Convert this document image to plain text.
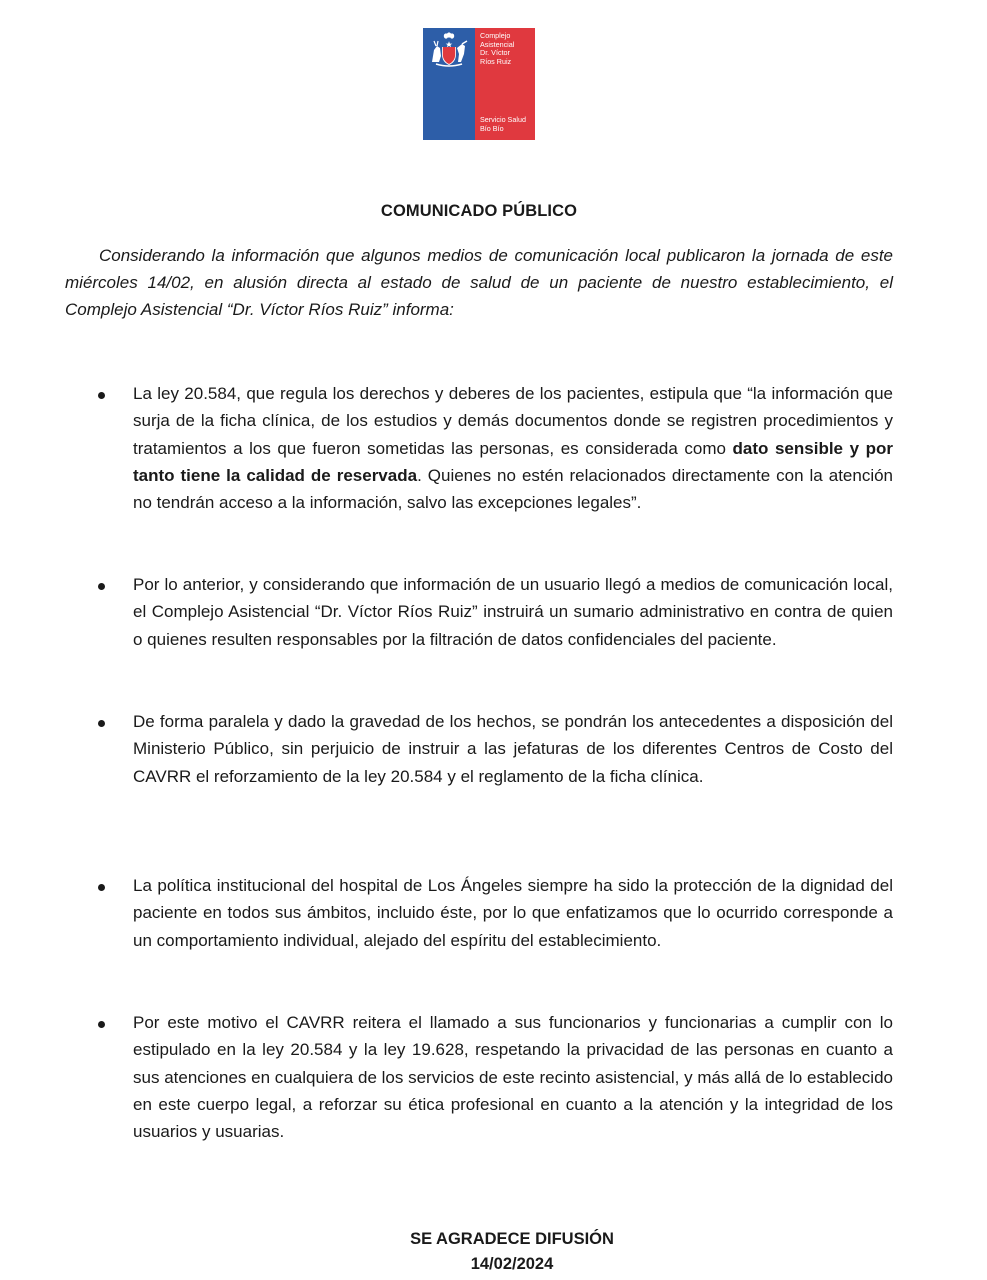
Complejo
Asistencial
Dr. Víctor
Ríos Ruiz
Servicio Salud
Bío Bío
COMUNICADO PÚBLICO

Considerando la información que algunos medios de comunicación local publicaron la jornada de este miércoles 14/02, en alusión directa al estado de salud de un paciente de nuestro establecimiento, el Complejo Asistencial “Dr. Víctor Ríos Ruiz” informa:

La ley 20.584, que regula los derechos y deberes de los pacientes, estipula que “la información que surja de la ficha clínica, de los estudios y demás documentos donde se registren procedimientos y tratamientos a los que fueron sometidas las personas, es considerada como dato sensible y por tanto tiene la calidad de reservada. Quienes no estén relacionados directamente con la atención no tendrán acceso a la información, salvo las excepciones legales”.

Por lo anterior, y considerando que información de un usuario llegó a medios de comunicación local, el Complejo Asistencial “Dr. Víctor Ríos Ruiz” instruirá un sumario administrativo en contra de quien o quienes resulten responsables por la filtración de datos confidenciales del paciente.

De forma paralela y dado la gravedad de los hechos, se pondrán los antecedentes a disposición del Ministerio Público, sin perjuicio de instruir a las jefaturas de los diferentes Centros de Costo del CAVRR el reforzamiento de la ley 20.584 y el reglamento de la ficha clínica.

La política institucional del hospital de Los Ángeles siempre ha sido la protección de la dignidad del paciente en todos sus ámbitos, incluido éste, por lo que enfatizamos que lo ocurrido corresponde a un comportamiento individual, alejado del espíritu del establecimiento.

Por este motivo el CAVRR reitera el llamado a sus funcionarios y funcionarias a cumplir con lo estipulado en la ley 20.584 y la ley 19.628, respetando la privacidad de las personas en cuanto a sus atenciones en cualquiera de los servicios de este recinto asistencial, y más allá de lo establecido en este cuerpo legal, a reforzar su ética profesional en cuanto a la atención y la integridad de los usuarios y usuarias.

SE AGRADECE DIFUSIÓN
14/02/2024
